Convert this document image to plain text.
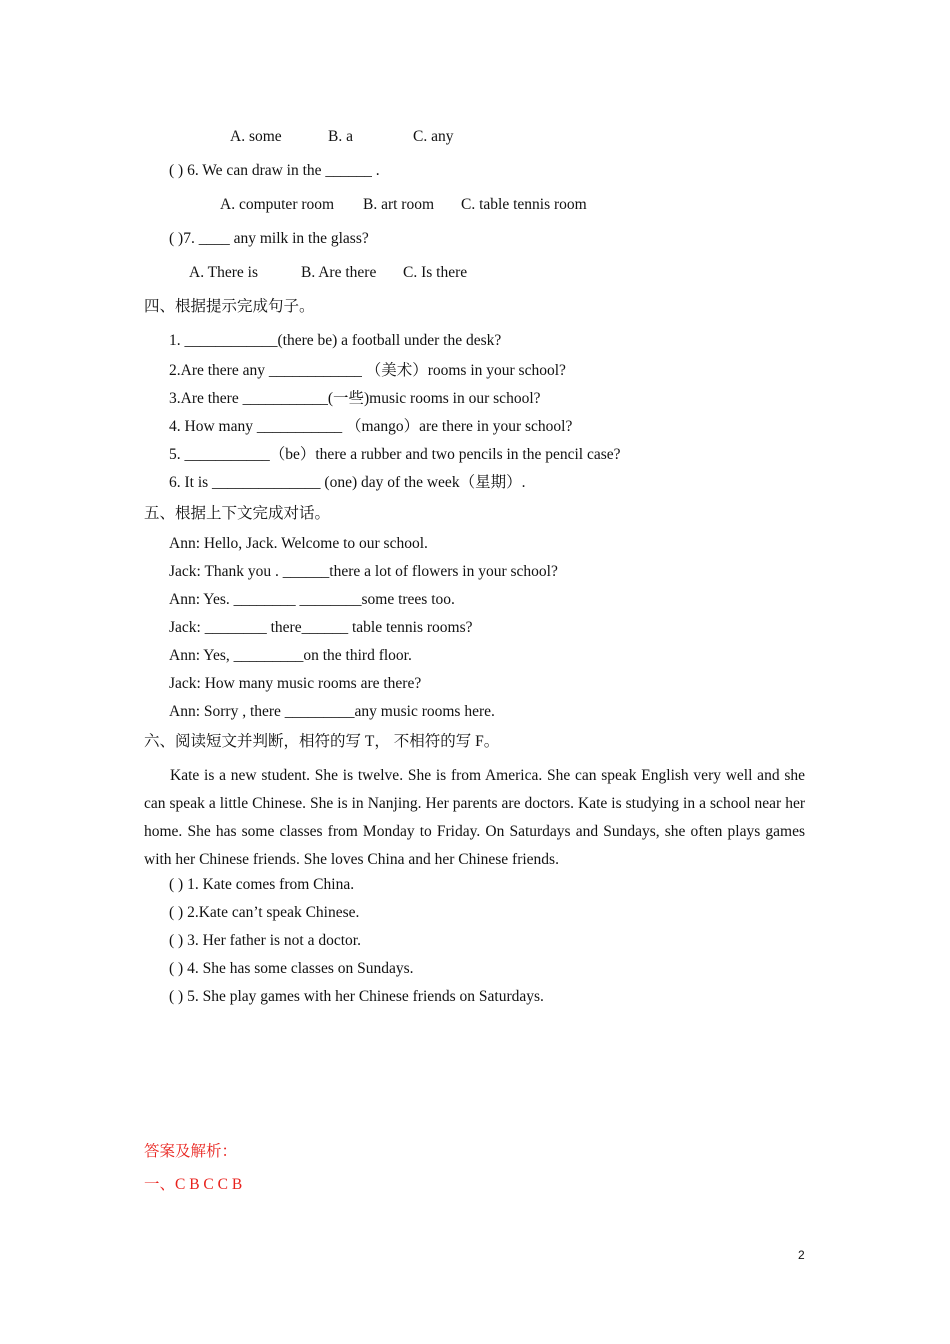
A. some	B. a	C. any
( ) 6. We can draw in the ______ .
A. computer room B. art room C. table tennis room
( )7. ____ any milk in the glass?
A. There is	B. Are there C. Is there
四、根据提示完成句子。
1. ____________(there be) a football under the desk?
2.Are there any ____________ （美术）rooms in your school?
3.Are there ___________(一些)music rooms in our school?
4. How many ___________ （mango）are there in your school?
5. ___________（be）there a rubber and two pencils in the pencil case?
6. It is ______________ (one) day of the week（星期）.
五、根据上下文完成对话。
Ann: Hello, Jack. Welcome to our school.
Jack: Thank you . ______there a lot of flowers in your school?
Ann: Yes. ________ ________some trees too.
Jack: ________ there______ table tennis rooms?
Ann: Yes, _________on the third floor.
Jack: How many music rooms are there?
Ann: Sorry , there _________any music rooms here.
六、阅读短文并判断，相符的写 T， 不相符的写 F。
Kate is a new student. She is twelve. She is from America. She can speak English very well and she can speak a little Chinese. She is in Nanjing. Her parents are doctors. Kate is studying in a school near her home. She has some classes from Monday to Friday. On Saturdays and Sundays, she often plays games with her Chinese friends. She loves China and her Chinese friends.
( ) 1. Kate comes from China.
( ) 2.Kate can’t speak Chinese.
( ) 3. Her father is not a doctor.
( ) 4. She has some classes on Sundays.
( ) 5. She play games with her Chinese friends on Saturdays.
答案及解析：
一、C B C C B
2
